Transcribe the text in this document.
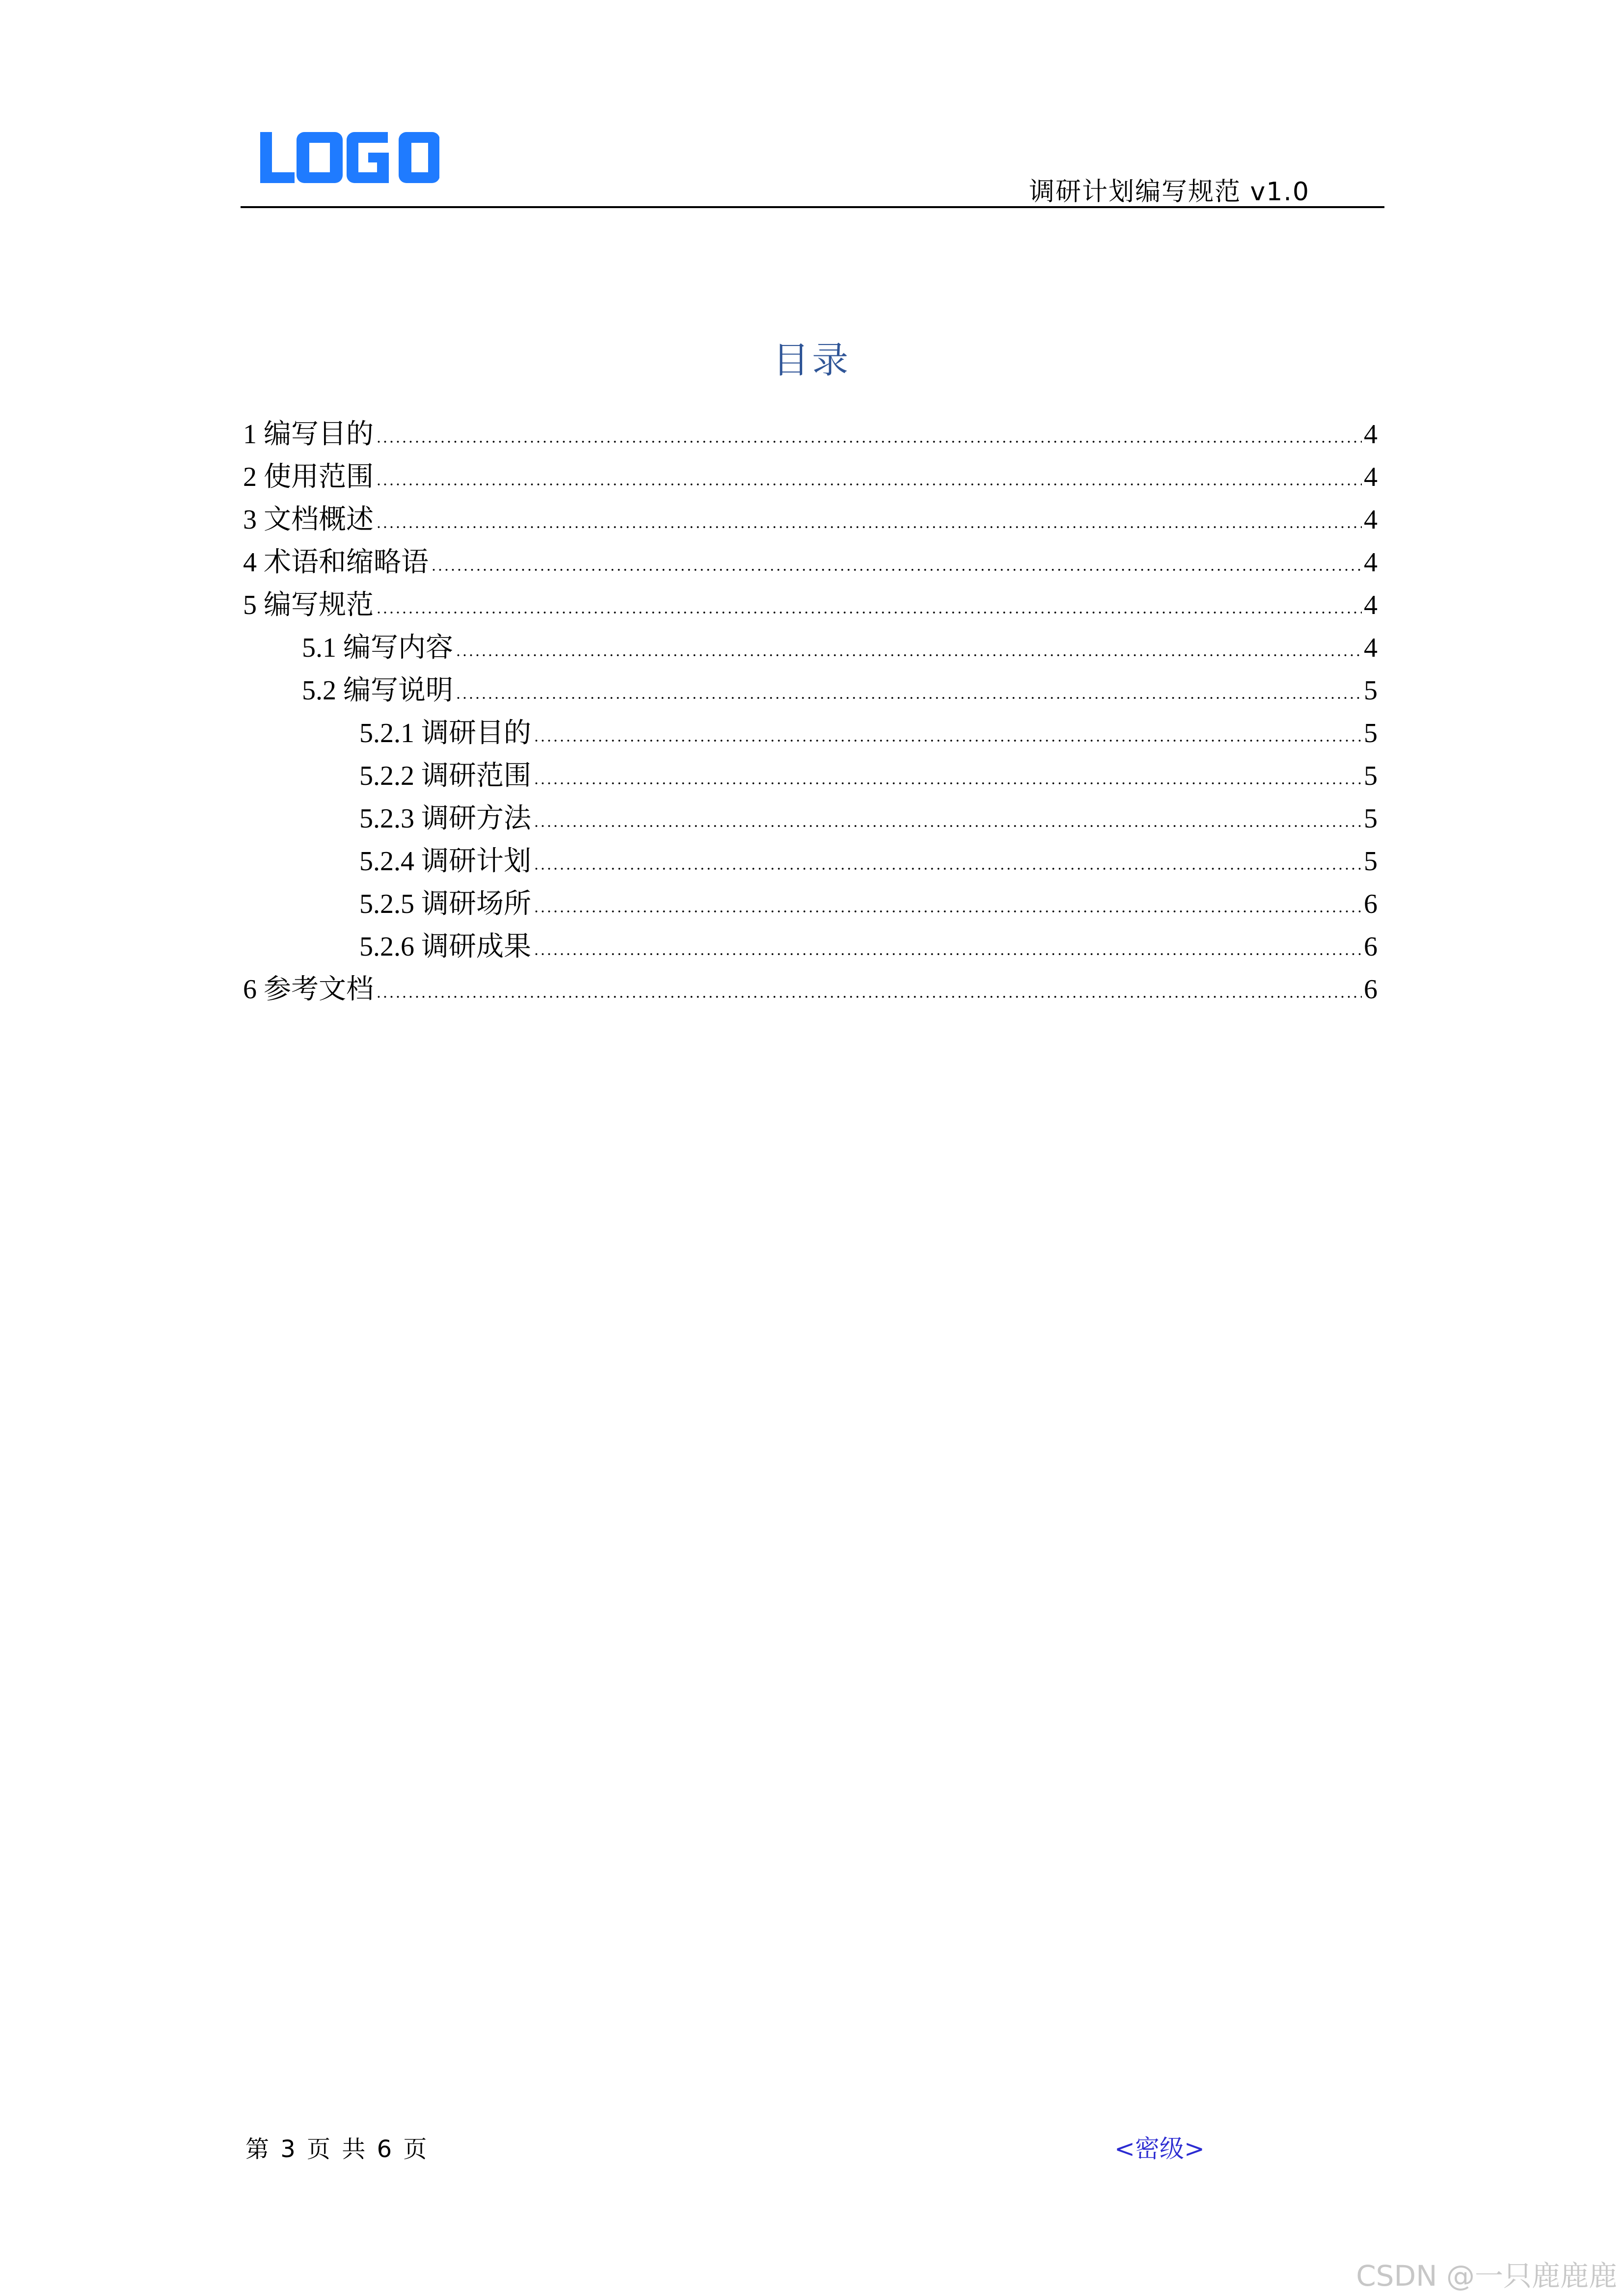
调研计划编写规范 v1.0
目录
1 编写目的	4
2 使用范围	4
3 文档概述	4
4 术语和缩略语	4
5 编写规范	4
5.1 编写内容	4
5.2 编写说明	5
5.2.1 调研目的	5
5.2.2 调研范围	5
5.2.3 调研方法	5
5.2.4 调研计划	5
5.2.5 调研场所	6
5.2.6 调研成果	6
6 参考文档	6
第 3 页 共 6 页	<密级>
CSDN @一只鹿鹿鹿
